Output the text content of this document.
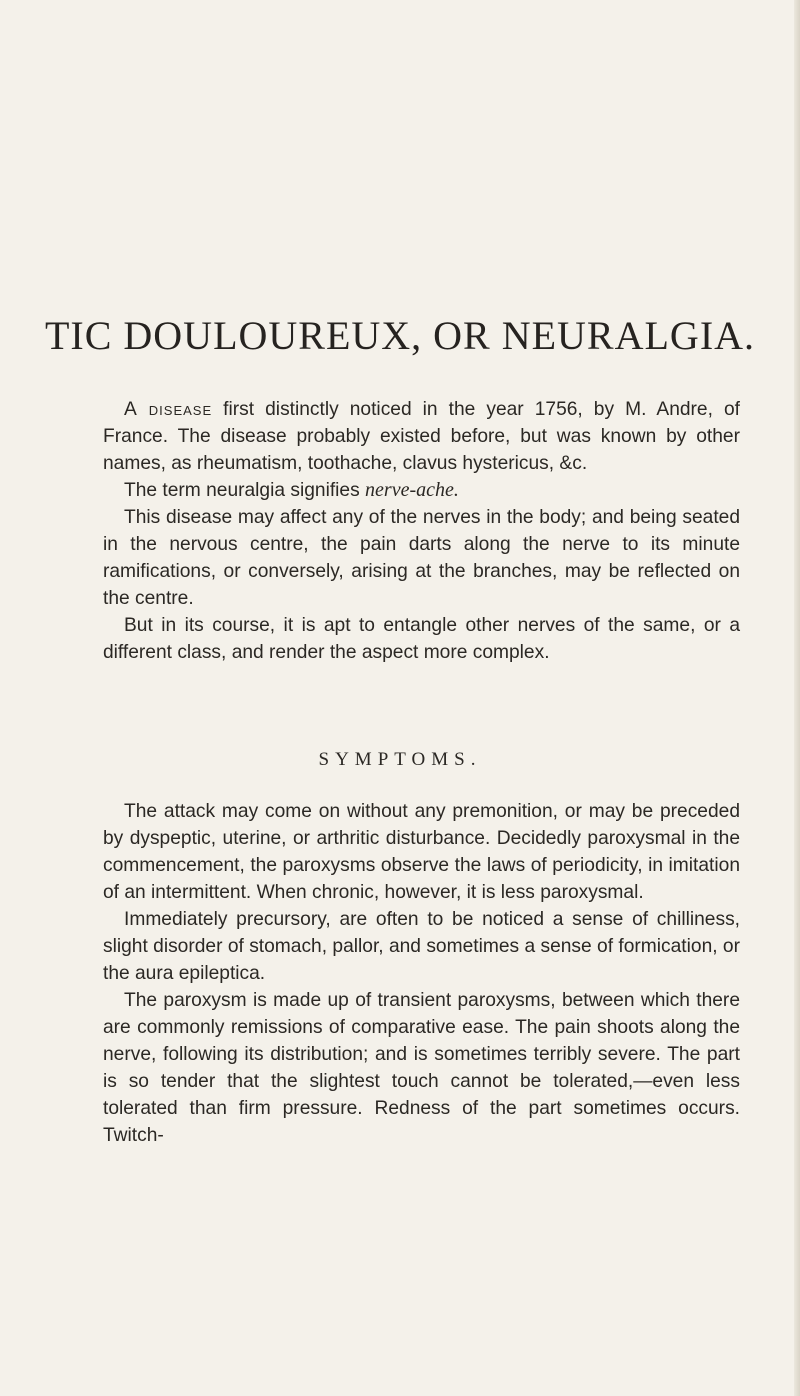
TIC DOULOUREUX, OR NEURALGIA.

A disease first distinctly noticed in the year 1756, by M. Andre, of France. The disease probably existed before, but was known by other names, as rheumatism, toothache, clavus hystericus, &c.

The term neuralgia signifies nerve-ache.

This disease may affect any of the nerves in the body; and being seated in the nervous centre, the pain darts along the nerve to its minute ramifications, or conversely, arising at the branches, may be reflected on the centre.

But in its course, it is apt to entangle other nerves of the same, or a different class, and render the aspect more complex.

SYMPTOMS.

The attack may come on without any premonition, or may be preceded by dyspeptic, uterine, or arthritic disturbance. Decidedly paroxysmal in the commencement, the paroxysms observe the laws of periodicity, in imitation of an intermittent. When chronic, however, it is less paroxysmal.

Immediately precursory, are often to be noticed a sense of chilliness, slight disorder of stomach, pallor, and sometimes a sense of formication, or the aura epileptica.

The paroxysm is made up of transient paroxysms, between which there are commonly remissions of comparative ease. The pain shoots along the nerve, following its distribution; and is sometimes terribly severe. The part is so tender that the slightest touch cannot be tolerated,—even less tolerated than firm pressure. Redness of the part sometimes occurs. Twitch-
